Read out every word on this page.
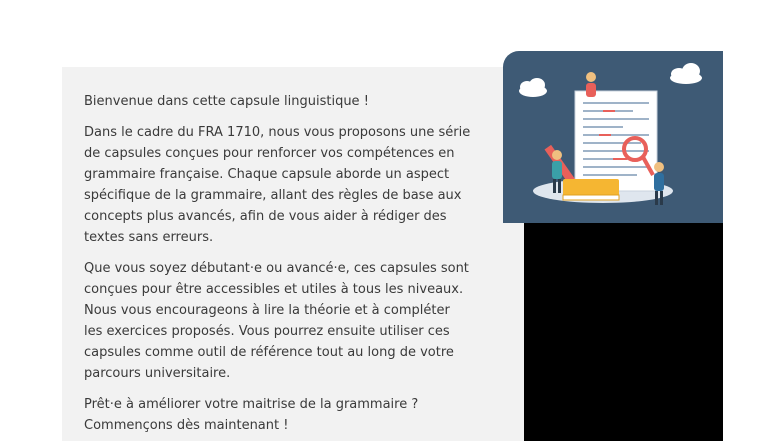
Bienvenue dans cette capsule linguistique !

Dans le cadre du FRA 1710, nous vous proposons une série
de capsules conçues pour renforcer vos compétences en
grammaire française. Chaque capsule aborde un aspect
spécifique de la grammaire, allant des règles de base aux
concepts plus avancés, afin de vous aider à rédiger des
textes sans erreurs.

Que vous soyez débutant·e ou avancé·e, ces capsules sont
conçues pour être accessibles et utiles à tous les niveaux.
Nous vous encourageons à lire la théorie et à compléter
les exercices proposés. Vous pourrez ensuite utiliser ces
capsules comme outil de référence tout au long de votre
parcours universitaire.

Prêt·e à améliorer votre maitrise de la grammaire ?
Commençons dès maintenant !
